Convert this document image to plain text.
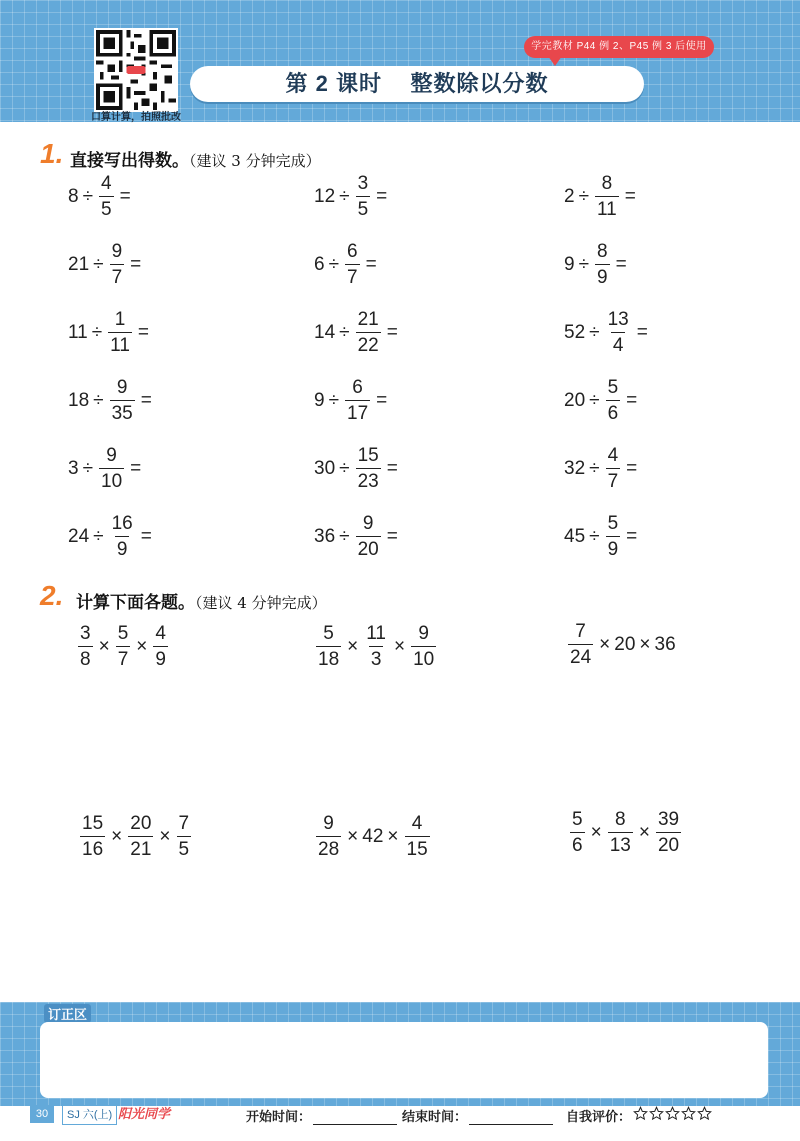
口算计算，拍照批改
第 2 课时    整数除以分数
学完教材 P44 例 2、P45 例 3 后使用
1. 直接写出得数。（建议 3 分钟完成）
$8 \div \frac{4}{5}$ =	$12 \div \frac{3}{5}$ =	$2 \div \frac{8}{11}$ =
$21 \div \frac{9}{7}$ =	$6 \div \frac{6}{7}$ =	$9 \div \frac{8}{9}$ =
$11 \div \frac{1}{11}$ =	$14 \div \frac{21}{22}$ =	$52 \div \frac{13}{4}$ =
$18 \div \frac{9}{35}$ =	$9 \div \frac{6}{17}$ =	$20 \div \frac{5}{6}$ =
$3 \div \frac{9}{10}$ =	$30 \div \frac{15}{23}$ =	$32 \div \frac{4}{7}$ =
$24 \div \frac{16}{9}$ =	$36 \div \frac{9}{20}$ =	$45 \div \frac{5}{9}$ =
2. 计算下面各题。（建议 4 分钟完成）
$\frac{3}{8} \times \frac{5}{7} \times \frac{4}{9}$	$\frac{5}{18} \times \frac{11}{3} \times \frac{9}{10}$	$\frac{7}{24} \times 20 \times 36$
$\frac{15}{16} \times \frac{20}{21} \times \frac{7}{5}$	$\frac{9}{28} \times 42 \times \frac{4}{15}$	$\frac{5}{6} \times \frac{8}{13} \times \frac{39}{20}$
订正区
30	SJ 六(上) 阳光同学	开始时间：	结束时间：	自我评价：
